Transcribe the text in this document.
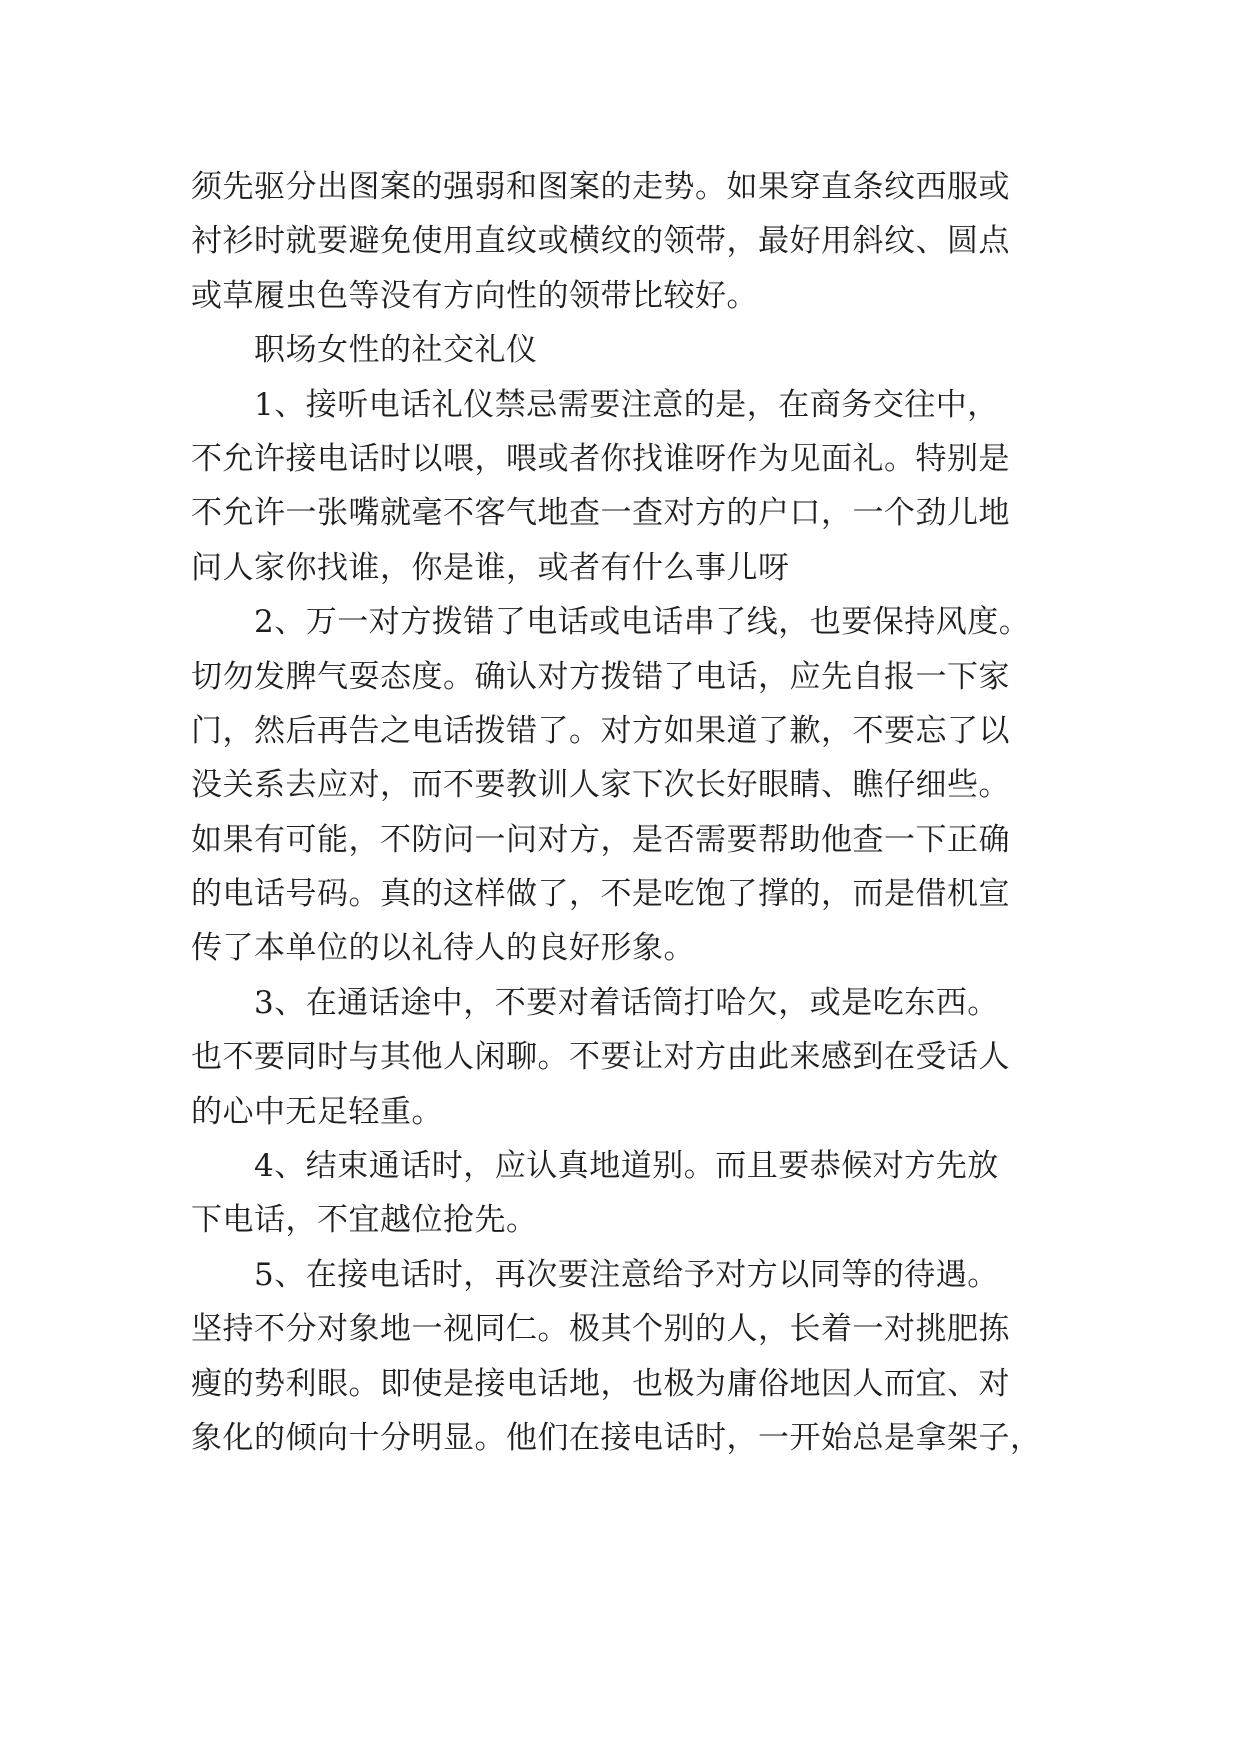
须先驱分出图案的强弱和图案的走势。如果穿直条纹西服或
衬衫时就要避免使用直纹或横纹的领带，最好用斜纹、圆点
或草履虫色等没有方向性的领带比较好。
职场女性的社交礼仪
1、接听电话礼仪禁忌需要注意的是，在商务交往中，
不允许接电话时以喂，喂或者你找谁呀作为见面礼。特别是
不允许一张嘴就毫不客气地查一查对方的户口，一个劲儿地
问人家你找谁，你是谁，或者有什么事儿呀
2、万一对方拨错了电话或电话串了线，也要保持风度。
切勿发脾气耍态度。确认对方拨错了电话，应先自报一下家
门，然后再告之电话拨错了。对方如果道了歉，不要忘了以
没关系去应对，而不要教训人家下次长好眼睛、瞧仔细些。
如果有可能，不防问一问对方，是否需要帮助他查一下正确
的电话号码。真的这样做了，不是吃饱了撑的，而是借机宣
传了本单位的以礼待人的良好形象。
3、在通话途中，不要对着话筒打哈欠，或是吃东西。
也不要同时与其他人闲聊。不要让对方由此来感到在受话人
的心中无足轻重。
4、结束通话时，应认真地道别。而且要恭候对方先放
下电话，不宜越位抢先。
5、在接电话时，再次要注意给予对方以同等的待遇。
坚持不分对象地一视同仁。极其个别的人，长着一对挑肥拣
瘦的势利眼。即使是接电话地，也极为庸俗地因人而宜、对
象化的倾向十分明显。他们在接电话时，一开始总是拿架子，
